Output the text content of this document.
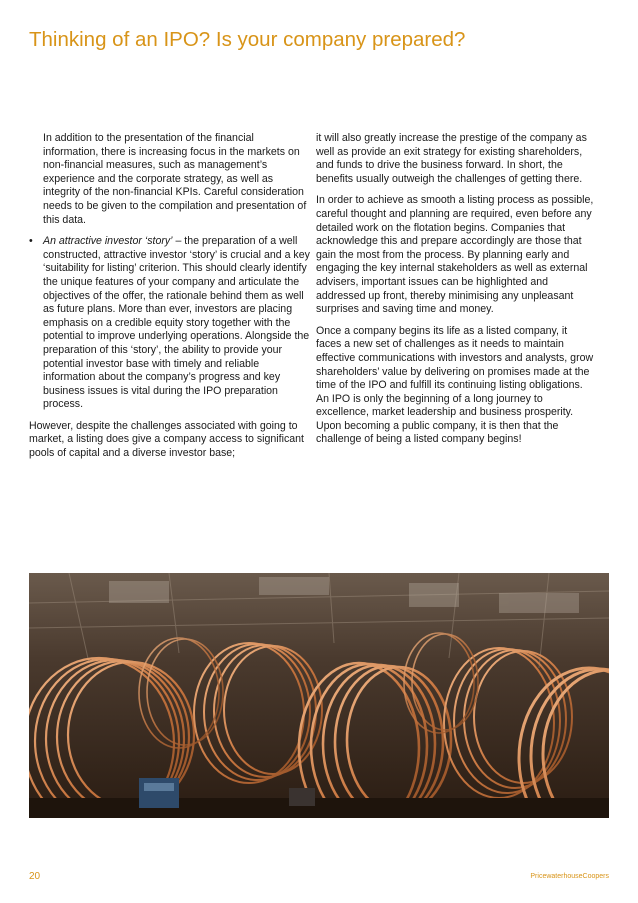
Thinking of an IPO? Is your company prepared?

In addition to the presentation of the financial information, there is increasing focus in the markets on non-financial measures, such as management’s experience and the corporate strategy, as well as integrity of the non-financial KPIs. Careful consideration needs to be given to the compilation and presentation of this data.

• An attractive investor ‘story’ – the preparation of a well constructed, attractive investor ‘story’ is crucial and a key ‘suitability for listing’ criterion. This should clearly identify the unique features of your company and articulate the objectives of the offer, the rationale behind them as well as future plans. More than ever, investors are placing emphasis on a credible equity story together with the potential to improve underlying operations. Alongside the preparation of this ‘story’, the ability to provide your potential investor base with timely and reliable information about the company’s progress and key business issues is vital during the IPO preparation process.

However, despite the challenges associated with going to market, a listing does give a company access to significant pools of capital and a diverse investor base;

it will also greatly increase the prestige of the company as well as provide an exit strategy for existing shareholders, and funds to drive the business forward. In short, the benefits usually outweigh the challenges of getting there.

In order to achieve as smooth a listing process as possible, careful thought and planning are required, even before any detailed work on the flotation begins. Companies that acknowledge this and prepare accordingly are those that gain the most from the process. By planning early and engaging the key internal stakeholders as well as external advisers, important issues can be highlighted and addressed up front, thereby minimising any unpleasant surprises and saving time and money.

Once a company begins its life as a listed company, it faces a new set of challenges as it needs to maintain effective communications with investors and analysts, grow shareholders’ value by delivering on promises made at the time of the IPO and fulfill its continuing listing obligations. An IPO is only the beginning of a long journey to excellence, market leadership and business prosperity. Upon becoming a public company, it is then that the challenge of being a listed company begins!

20	PricewaterhouseCoopers
